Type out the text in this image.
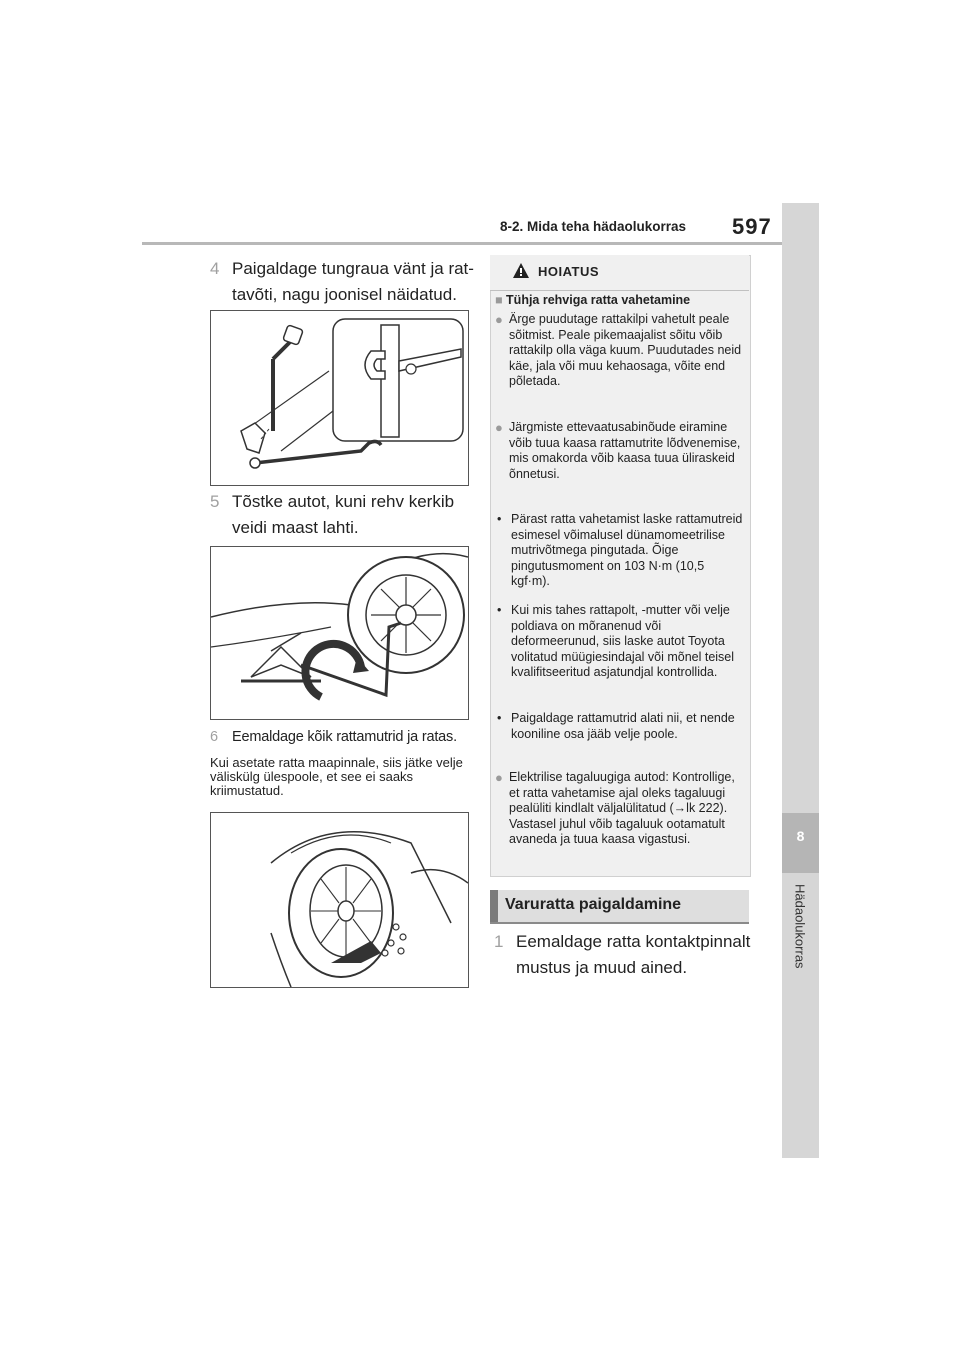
8-2. Mida teha hädaolukorras 597
8
Hädaolukorras
4 Paigaldage tungraua vänt ja rat-
tavõti, nagu joonisel näidatud.
5 Tõstke autot, kuni rehv kerkib
veidi maast lahti.
6 Eemaldage kõik rattamutrid ja ratas.
Kui asetate ratta maapinnale, siis jätke velje väliskülg ülespoole, et see ei saaks kriimustatud.
HOIATUS
■ Tühja rehviga ratta vahetamine
● Ärge puudutage rattakilpi vahetult peale sõitmist. Peale pikemaajalist sõitu võib rattakilp olla väga kuum. Puudutades neid käe, jala või muu kehaosaga, võite end põletada.
● Järgmiste ettevaatusabinõude eiramine võib tuua kaasa rattamutrite lõdvenemise, mis omakorda võib kaasa tuua üliraskeid õnnetusi.
• Pärast ratta vahetamist laske rattamutreid esimesel võimalusel dünamomeetrilise mutrivõtmega pingutada. Õige pingutusmoment on 103 N·m (10,5 kgf·m).
• Kui mis tahes rattapolt, -mutter või velje poldiava on mõranenud või deformeerunud, siis laske autot Toyota volitatud müügiesindajal või mõnel teisel kvalifitseeritud asjatundjal kontrollida.
• Paigaldage rattamutrid alati nii, et nende kooniline osa jääb velje poole.
● Elektrilise tagaluugiga autod: Kontrollige, et ratta vahetamise ajal oleks tagaluugi pealüliti kindlalt väljalülitatud (→lk 222). Vastasel juhul võib tagaluuk ootamatult avaneda ja tuua kaasa vigastusi.
Varuratta paigaldamine
1 Eemaldage ratta kontaktpinnalt
mustus ja muud ained.
